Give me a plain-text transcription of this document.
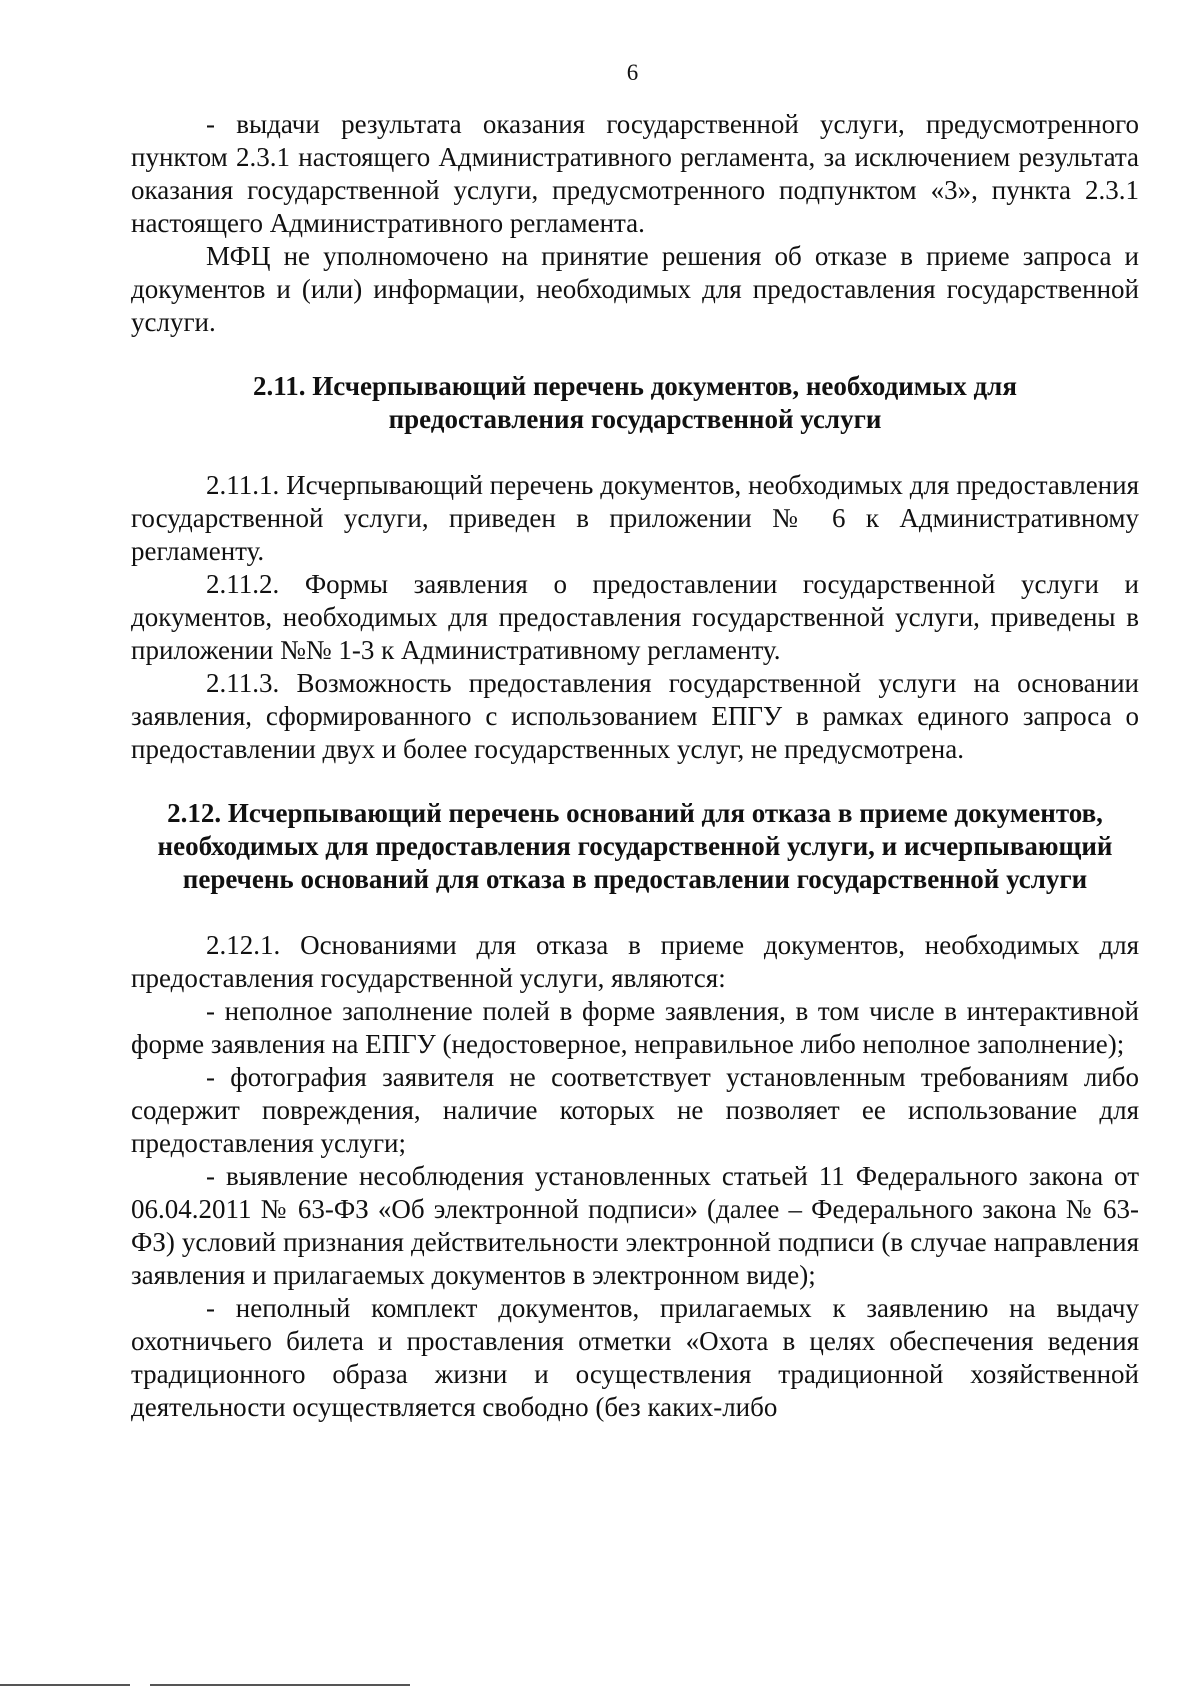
6

- выдачи результата оказания государственной услуги, предусмотренного пунктом 2.3.1 настоящего Административного регламента, за исключением результата оказания государственной услуги, предусмотренного подпунктом «3», пункта 2.3.1 настоящего Административного регламента.

МФЦ не уполномочено на принятие решения об отказе в приеме запроса и документов и (или) информации, необходимых для предоставления государственной услуги.

2.11. Исчерпывающий перечень документов, необходимых для предоставления государственной услуги

2.11.1. Исчерпывающий перечень документов, необходимых для предоставления государственной услуги, приведен в приложении № 6 к Административному регламенту.

2.11.2. Формы заявления о предоставлении государственной услуги и документов, необходимых для предоставления государственной услуги, приведены в приложении №№ 1-3 к Административному регламенту.

2.11.3. Возможность предоставления государственной услуги на основании заявления, сформированного с использованием ЕПГУ в рамках единого запроса о предоставлении двух и более государственных услуг, не предусмотрена.

2.12. Исчерпывающий перечень оснований для отказа в приеме документов, необходимых для предоставления государственной услуги, и исчерпывающий перечень оснований для отказа в предоставлении государственной услуги

2.12.1. Основаниями для отказа в приеме документов, необходимых для предоставления государственной услуги, являются:

- неполное заполнение полей в форме заявления, в том числе в интерактивной форме заявления на ЕПГУ (недостоверное, неправильное либо неполное заполнение);

- фотография заявителя не соответствует установленным требованиям либо содержит повреждения, наличие которых не позволяет ее использование для предоставления услуги;

- выявление несоблюдения установленных статьей 11 Федерального закона от 06.04.2011 № 63-ФЗ «Об электронной подписи» (далее – Федерального закона № 63-ФЗ) условий признания действительности электронной подписи (в случае направления заявления и прилагаемых документов в электронном виде);

- неполный комплект документов, прилагаемых к заявлению на выдачу охотничьего билета и проставления отметки «Охота в целях обеспечения ведения традиционного образа жизни и осуществления традиционной хозяйственной деятельности осуществляется свободно (без каких-либо
